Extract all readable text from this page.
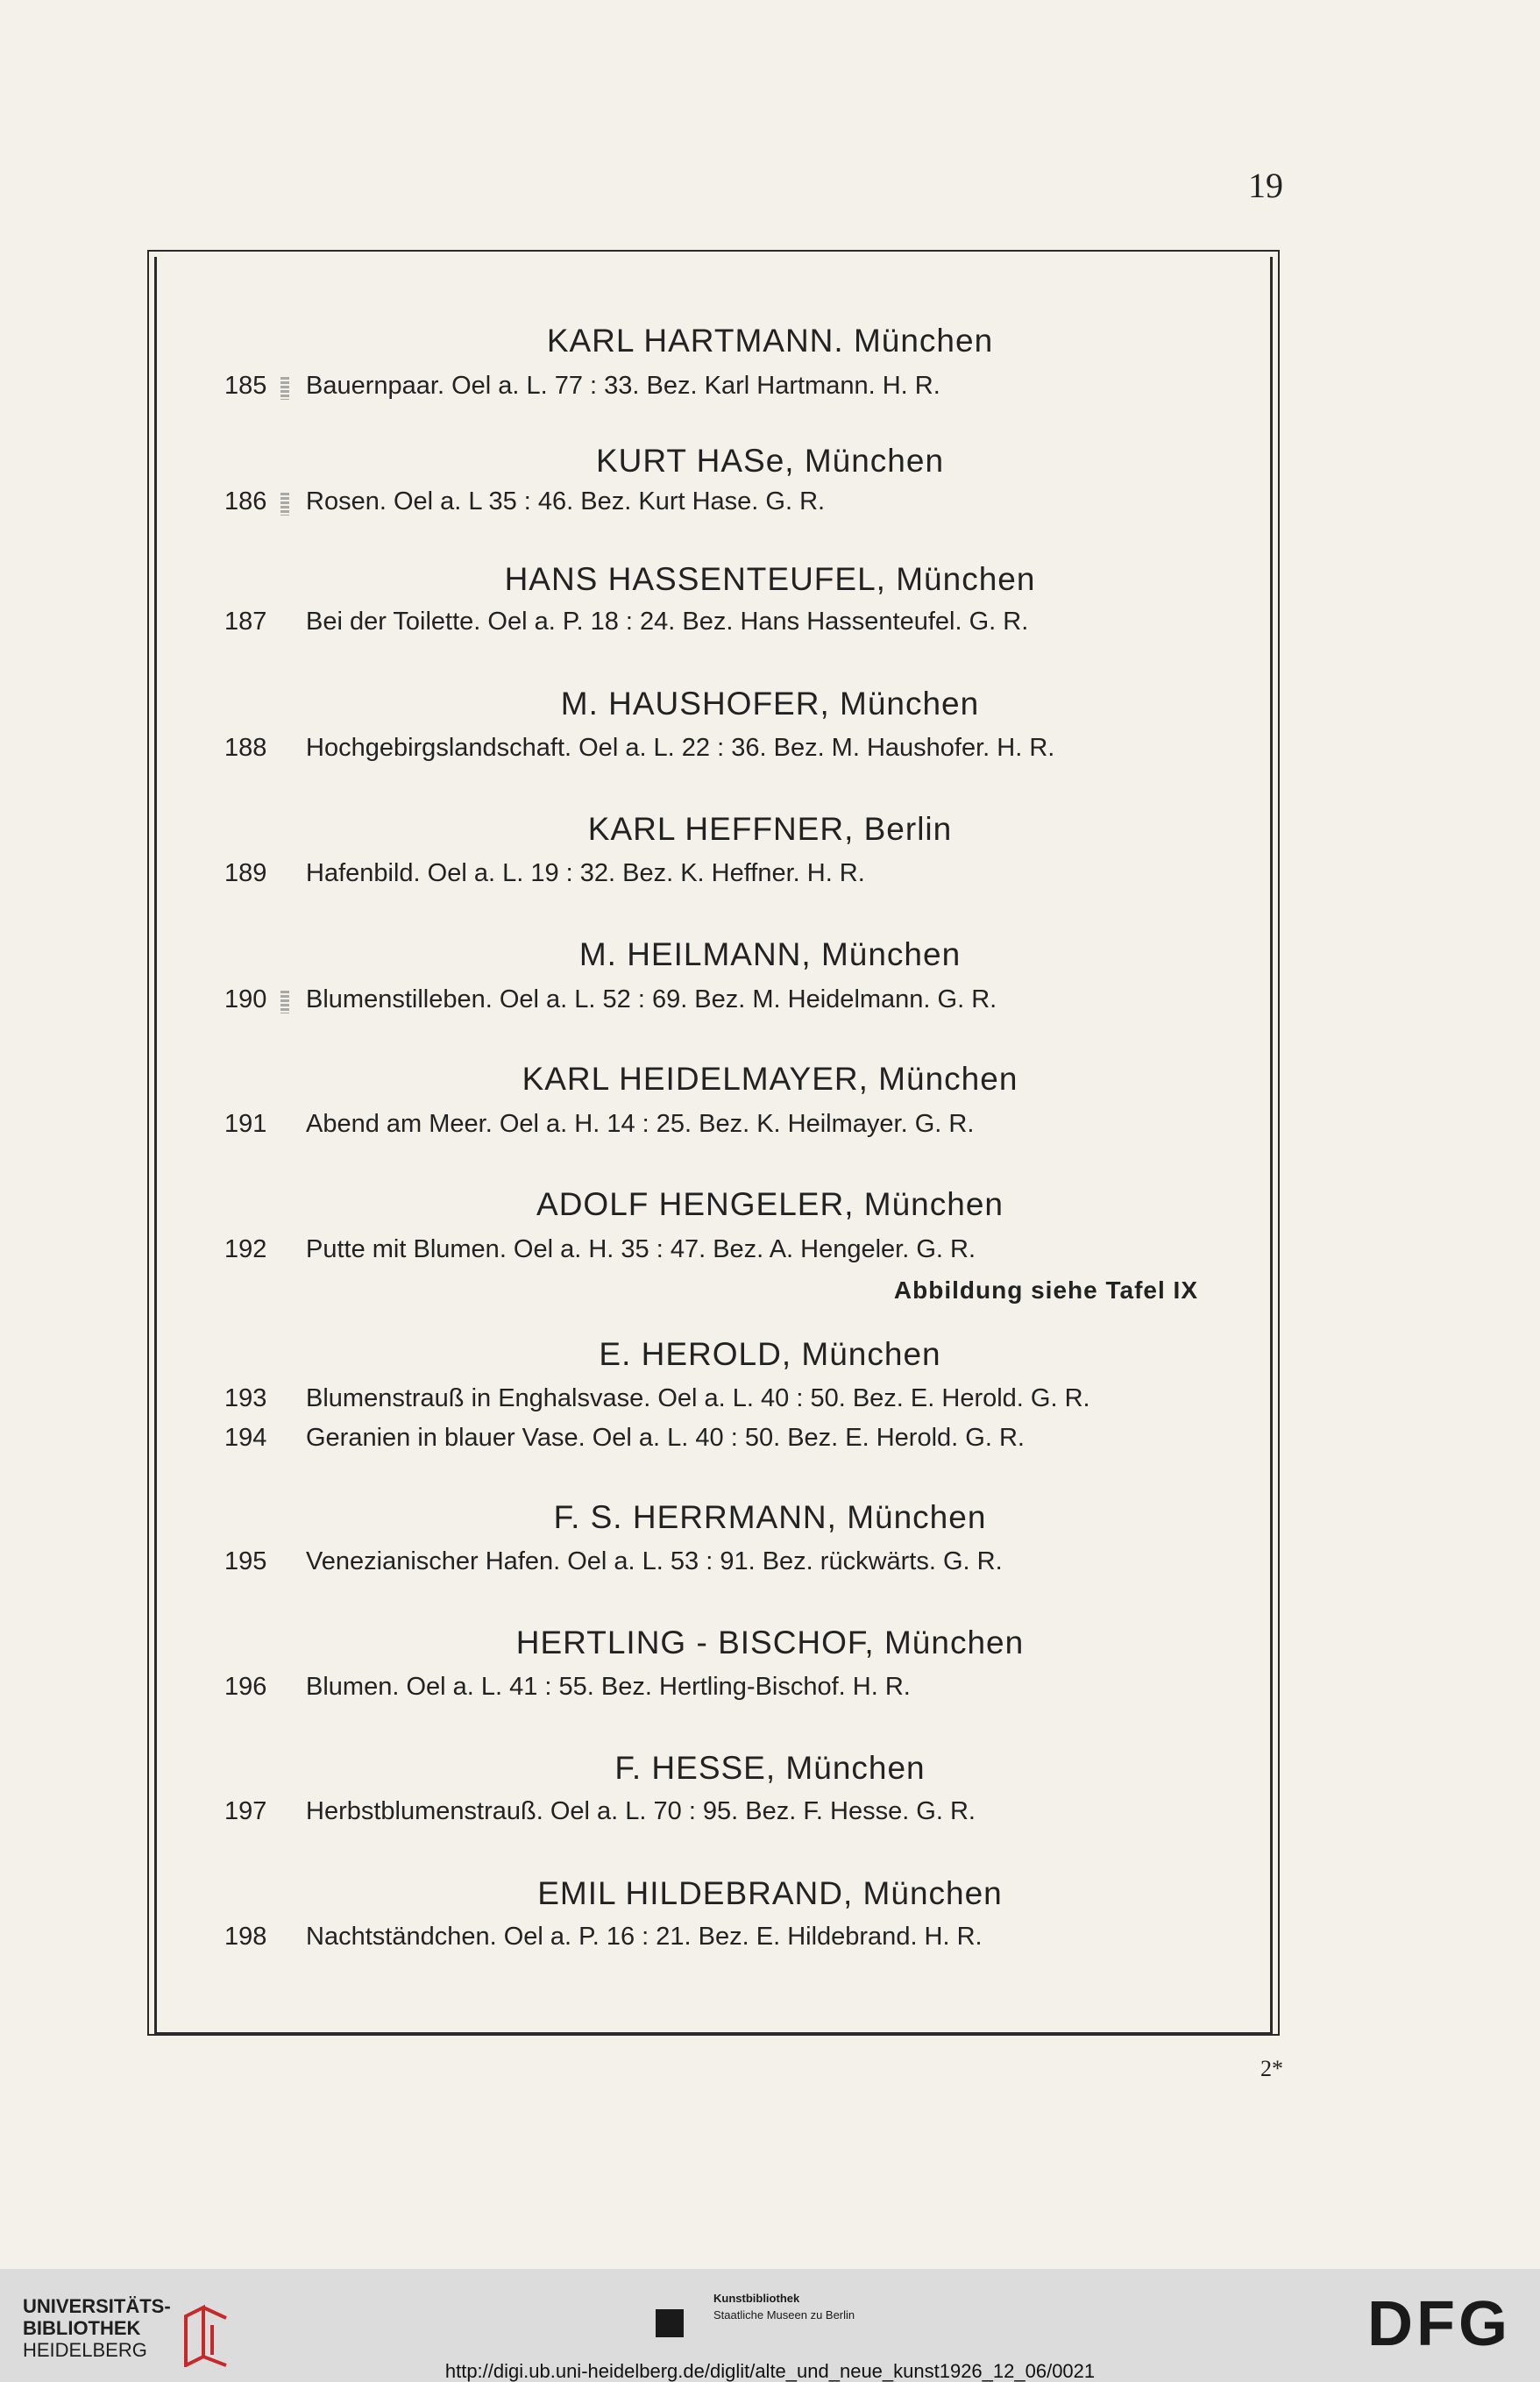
19
KARL HARTMANN. München
185	Bauernpaar. Oel a. L. 77 : 33. Bez. Karl Hartmann. H. R.
KURT HASe, München
186	Rosen. Oel a. L 35 : 46. Bez. Kurt Hase. G. R.
HANS HASSENTEUFEL, München
187	Bei der Toilette. Oel a. P. 18 : 24. Bez. Hans Hassenteufel. G. R.
M. HAUSHOFER, München
188	Hochgebirgslandschaft. Oel a. L. 22 : 36. Bez. M. Haushofer. H. R.
KARL HEFFNER, Berlin
189	Hafenbild. Oel a. L. 19 : 32. Bez. K. Heffner. H. R.
M. HEILMANN, München
190	Blumenstilleben. Oel a. L. 52 : 69. Bez. M. Heidelmann. G. R.
KARL HEIDELMAYER, München
191	Abend am Meer. Oel a. H. 14 : 25. Bez. K. Heilmayer. G. R.
ADOLF HENGELER, München
192	Putte mit Blumen. Oel a. H. 35 : 47. Bez. A. Hengeler. G. R.
Abbildung siehe Tafel IX
E. HEROLD, München
193	Blumenstrauß in Enghalsvase. Oel a. L. 40 : 50. Bez. E. Herold. G. R.
194	Geranien in blauer Vase. Oel a. L. 40 : 50. Bez. E. Herold. G. R.
F. S. HERRMANN, München
195	Venezianischer Hafen. Oel a. L. 53 : 91. Bez. rückwärts. G. R.
HERTLING - BISCHOF, München
196	Blumen. Oel a. L. 41 : 55. Bez. Hertling-Bischof. H. R.
F. HESSE, München
197	Herbstblumenstrauß. Oel a. L. 70 : 95. Bez. F. Hesse. G. R.
EMIL HILDEBRAND, München
198	Nachtständchen. Oel a. P. 16 : 21. Bez. E. Hildebrand. H. R.
2*
UNIVERSITÄTS-
BIBLIOTHEK
HEIDELBERG
Kunstbibliothek
Staatliche Museen zu Berlin	DFG
http://digi.ub.uni-heidelberg.de/diglit/alte_und_neue_kunst1926_12_06/0021
